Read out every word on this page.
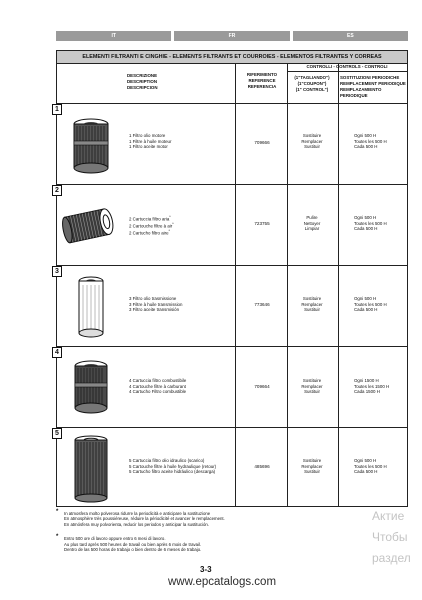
IT	FR	ES
ELEMENTI FILTRANTI E CINGHIE - ELEMENTS FILTRANTS ET COURROIES - ELEMENTOS FILTRANTES Y CORREAS
DESCRIZIONE
DESCRIPTION
DESCRIPCION
RIFERIMENTO
REFERENCE
REFERENCIA
CONTROLLI - CONTROLS - CONTROLI
(1"TAGLIANDO")
(1"COUPON")
(1" CONTROL")
SOSTITUZIONI PERIODICHE
REMPLACEMENT PERIODIQUE
REMPLAZAMIENTO PERIODIQUE
1
1 Filtro olio motore
1 Filtre à huile moteur
1 Filtro aceite motor
709666
Sostituire
Remplacer
Sustituir
Ogni 500 H
Toutes les 500 H
Cada 500 H
2
2 Cartuccia filtro aria*
2 Cartouche filtre à air*
2 Cartucho filtro aire*
723755
Pulire
Nettoyer
Limpiar
Ogni 500 H
Toutes les 500 H
Cada 500 H
3
3 Filtro olio trasmissione
3 Filtre à huile transmission
3 Filtro aceite transmisión
773646
Sostituire
Remplacer
Sustituir
Ogni 500 H
Toutes les 500 H
Cada 500 H
4
4 Cartuccia filtro combustibile
4 Cartouche filtre à carburant
4 Cartucho Filtro combustible
709664
Sostituire
Remplacer
Sustituir
Ogni 1500 H
Toutes les 1500 H
Cada 1500 H
5
5 Cartuccia filtro olio idraulico (scarico)
5 Cartouche filtre à huile hydraulique (retour)
5 Cartucho filtro aceite hidráulico (descarga)
485696
Sostituire
Remplacer
Sustituir
Ogni 500 H
Toutes les 500 H
Cada 500 H
* In atmosfera molto polverosa ridurre la periodicità e anticipare la sostituzione
En atmosphère très poussiéreuse, réduire la périodicité et avancer le remplacement.
En atmósfera muy polvorienta, reducir los periodos y anticipar la sustitución.
* Entro 500 ore di lavoro oppure entro 6 mesi di lavoro.
Au plus tard après 500 heures de travail ou bien après 6 mois de travail.
Dentro de las 500 horas de trabajo o bien dentro de 6 meses de trabajo.
3-3
www.epcatalogs.com
Актие
Чтобы
раздел
